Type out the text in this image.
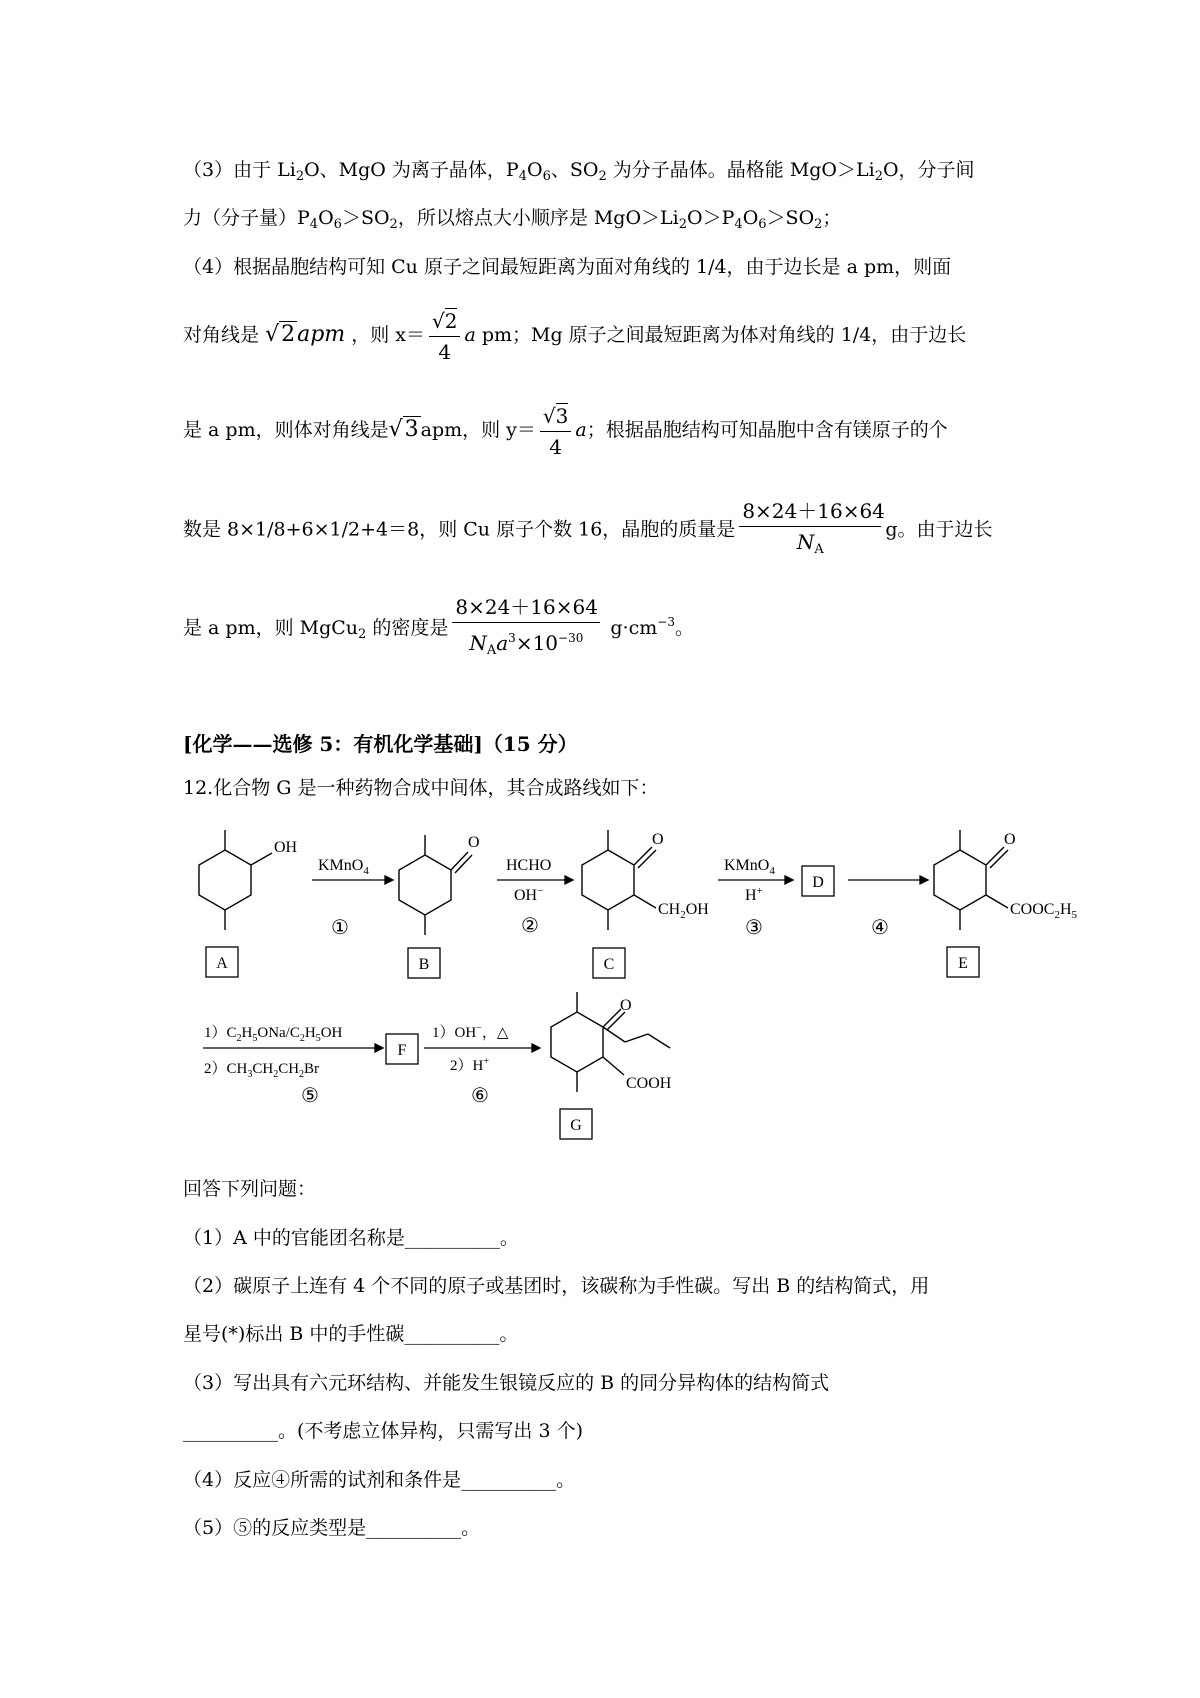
（3）由于 $Li_2O$、MgO 为离子晶体，$P_4O_6$、$SO_2$ 为分子晶体。晶格能 $MgO>Li_2O$，分子间
力（分子量）$P_4O_6>SO_2$，所以熔点大小顺序是 $MgO>Li_2O>P_4O_6>SO_2$；
（4）根据晶胞结构可知 Cu 原子之间最短距离为面对角线的 1/4，由于边长是 a pm，则面
对角线是 √2apm ，则 $x= \frac{√2}{4}$ a pm；Mg 原子之间最短距离为体对角线的 1/4，由于边长
是 a pm，则体对角线是√3 apm，则 $y= \frac{√3}{4}$ a；根据晶胞结构可知晶胞中含有镁原子的个
数是 8×1/8+6×1/2+4＝8，则 Cu 原子个数 16，晶胞的质量是 $\frac{8\times 24+16\times 64}{N_A}$ g。由于边长
是 a pm，则 MgCu$_2$ 的密度是 $\frac{8\times 24+16\times 64}{N_Aa^3\times 10^{-30}} g\cdot cm^{-3}$。
[化学——选修 5：有机化学基础]（15 分）
12.化合物 G 是一种药物合成中间体，其合成路线如下：
A	B	C
D
E
F
G
①	②	③	④
⑤	⑥
OH	O	O	O
O
KMnO$_4$	HCHO
OH−
$CH_2OH$
KMnO$_4$
H+
$COOC_2H_5$
COOH
$1)C_2H_5ONa/C_2H_5OH$
$2)CH_3CH_2CH_2Br$
1）OH−，△
2）H+
回答下列问题：
（1）A 中的官能团名称是__________。
（2）碳原子上连有 4 个不同的原子或基团时，该碳称为手性碳。写出 B 的结构简式，用
星号(*)标出 B 中的手性碳__________。
（3）写出具有六元环结构、并能发生银镜反应的 B 的同分异构体的结构简式
__________。(不考虑立体异构，只需写出 3 个)
（4）反应④所需的试剂和条件是__________。
（5）⑤的反应类型是__________。
